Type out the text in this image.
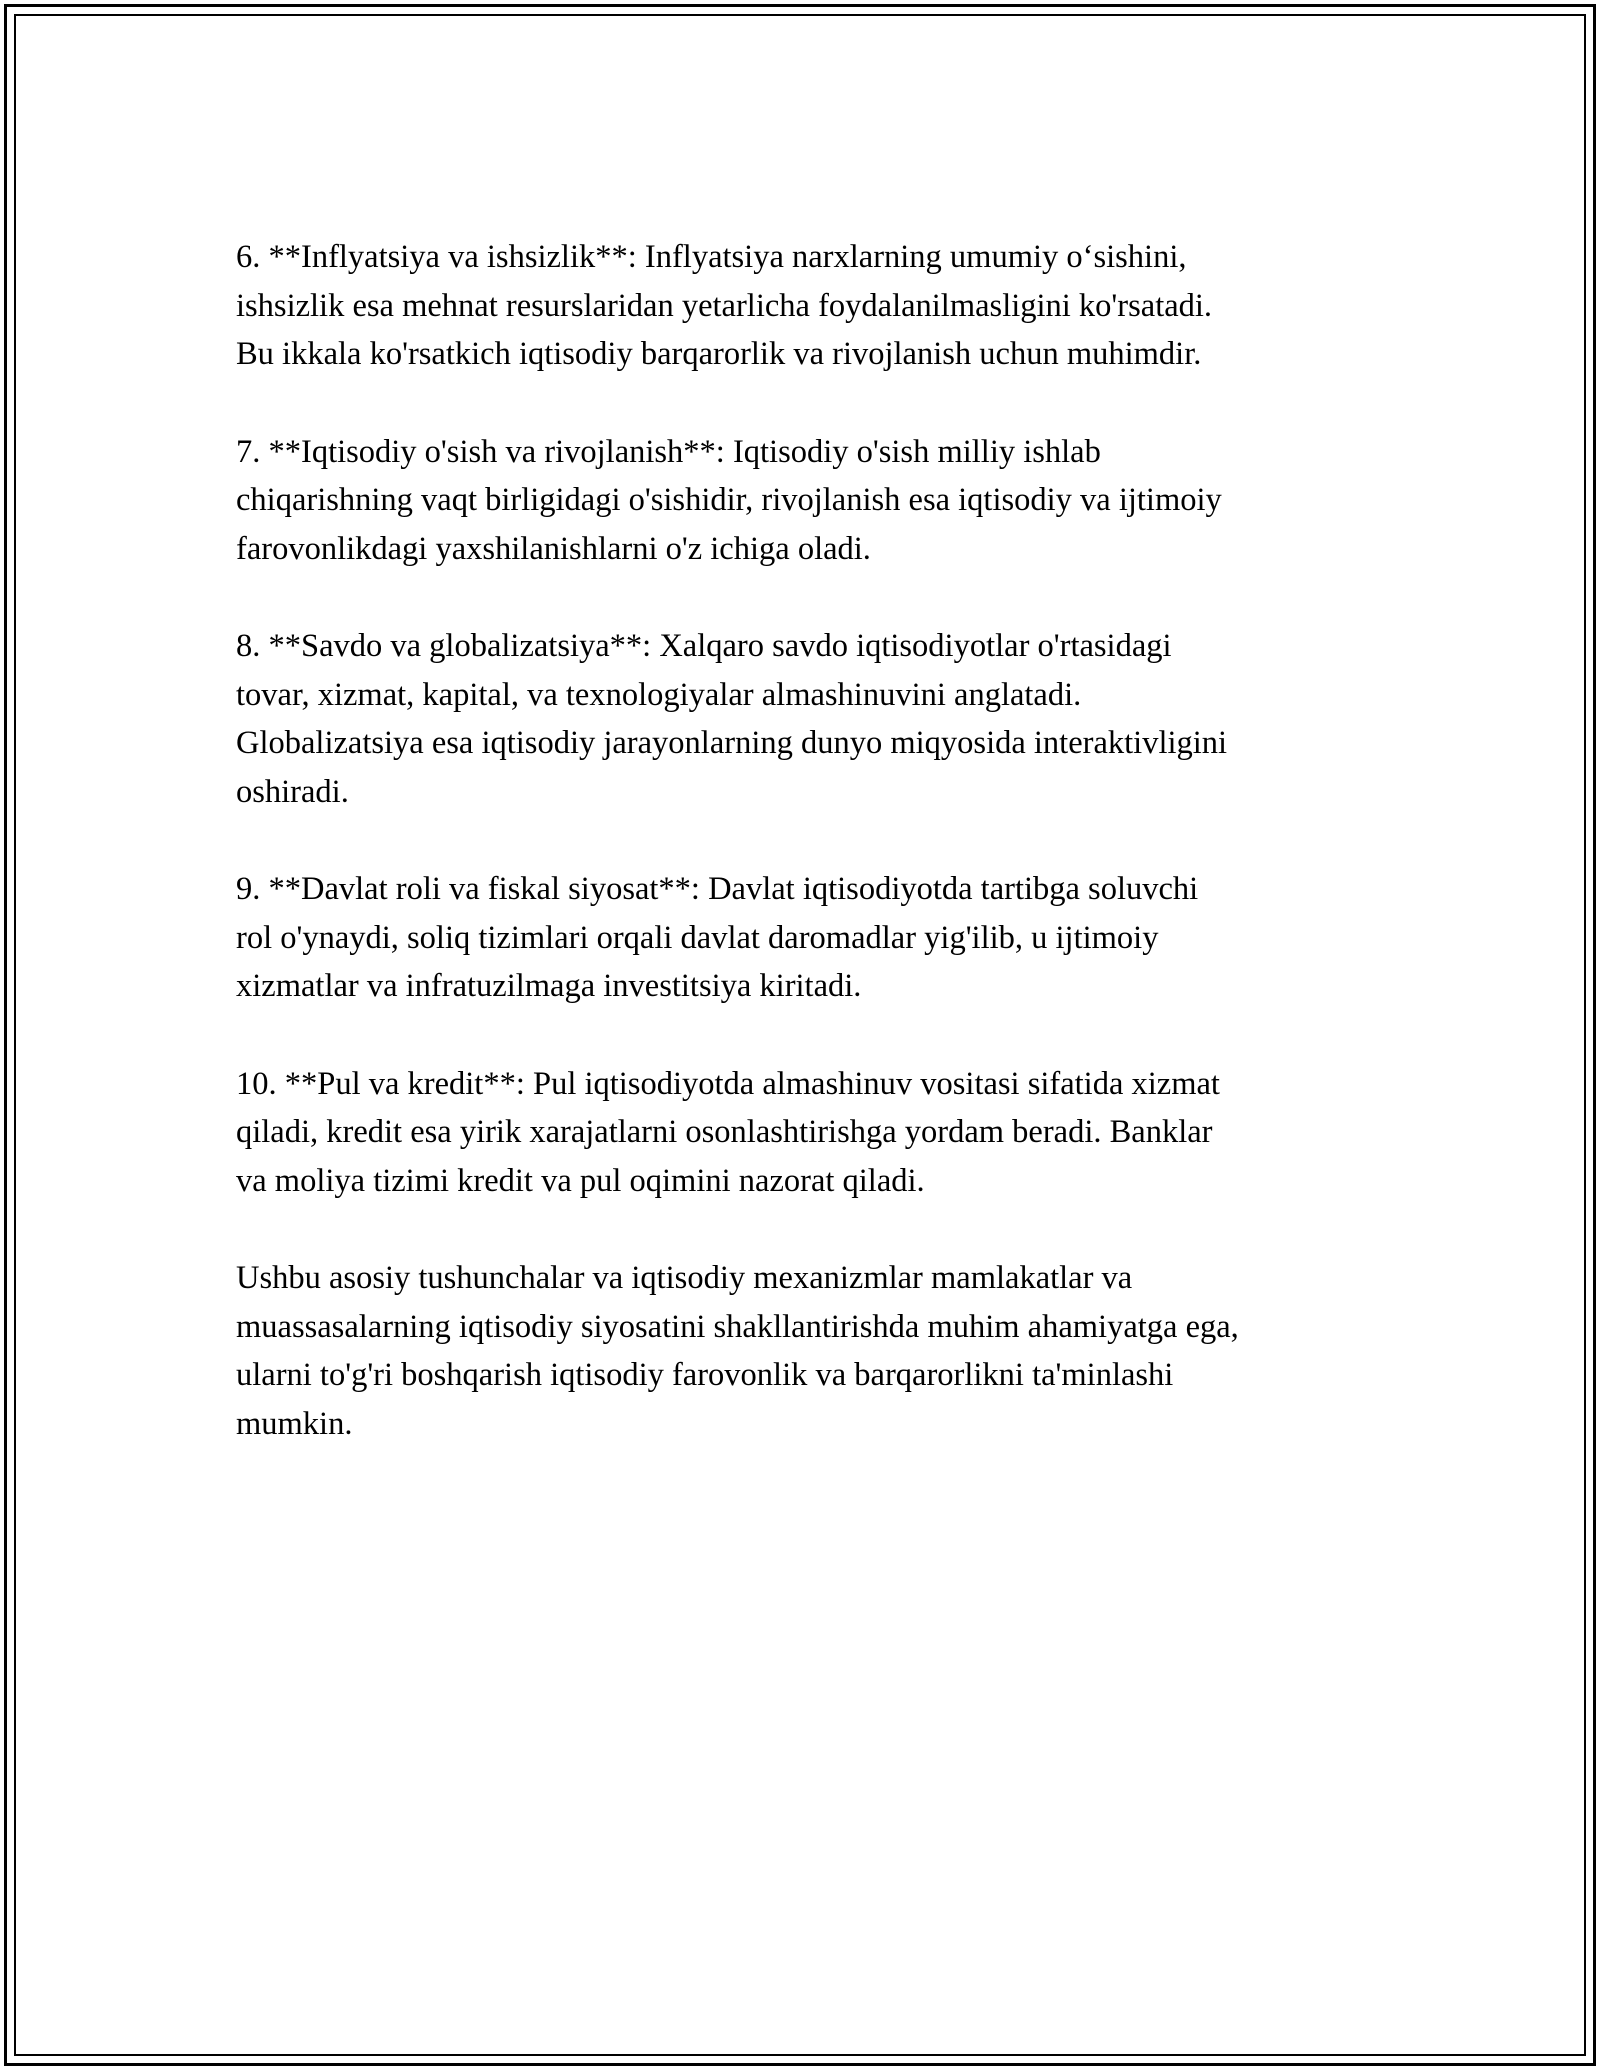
6. **Inflyatsiya va ishsizlik**: Inflyatsiya narxlarning umumiy o‘sishini,
ishsizlik esa mehnat resurslaridan yetarlicha foydalanilmasligini ko'rsatadi.
Bu ikkala ko'rsatkich iqtisodiy barqarorlik va rivojlanish uchun muhimdir.

7. **Iqtisodiy o'sish va rivojlanish**: Iqtisodiy o'sish milliy ishlab
chiqarishning vaqt birligidagi o'sishidir, rivojlanish esa iqtisodiy va ijtimoiy
farovonlikdagi yaxshilanishlarni o'z ichiga oladi.

8. **Savdo va globalizatsiya**: Xalqaro savdo iqtisodiyotlar o'rtasidagi
tovar, xizmat, kapital, va texnologiyalar almashinuvini anglatadi.
Globalizatsiya esa iqtisodiy jarayonlarning dunyo miqyosida interaktivligini
oshiradi.

9. **Davlat roli va fiskal siyosat**: Davlat iqtisodiyotda tartibga soluvchi
rol o'ynaydi, soliq tizimlari orqali davlat daromadlar yig'ilib, u ijtimoiy
xizmatlar va infratuzilmaga investitsiya kiritadi.

10. **Pul va kredit**: Pul iqtisodiyotda almashinuv vositasi sifatida xizmat
qiladi, kredit esa yirik xarajatlarni osonlashtirishga yordam beradi. Banklar
va moliya tizimi kredit va pul oqimini nazorat qiladi.

Ushbu asosiy tushunchalar va iqtisodiy mexanizmlar mamlakatlar va
muassasalarning iqtisodiy siyosatini shakllantirishda muhim ahamiyatga ega,
ularni to'g'ri boshqarish iqtisodiy farovonlik va barqarorlikni ta'minlashi
mumkin.
